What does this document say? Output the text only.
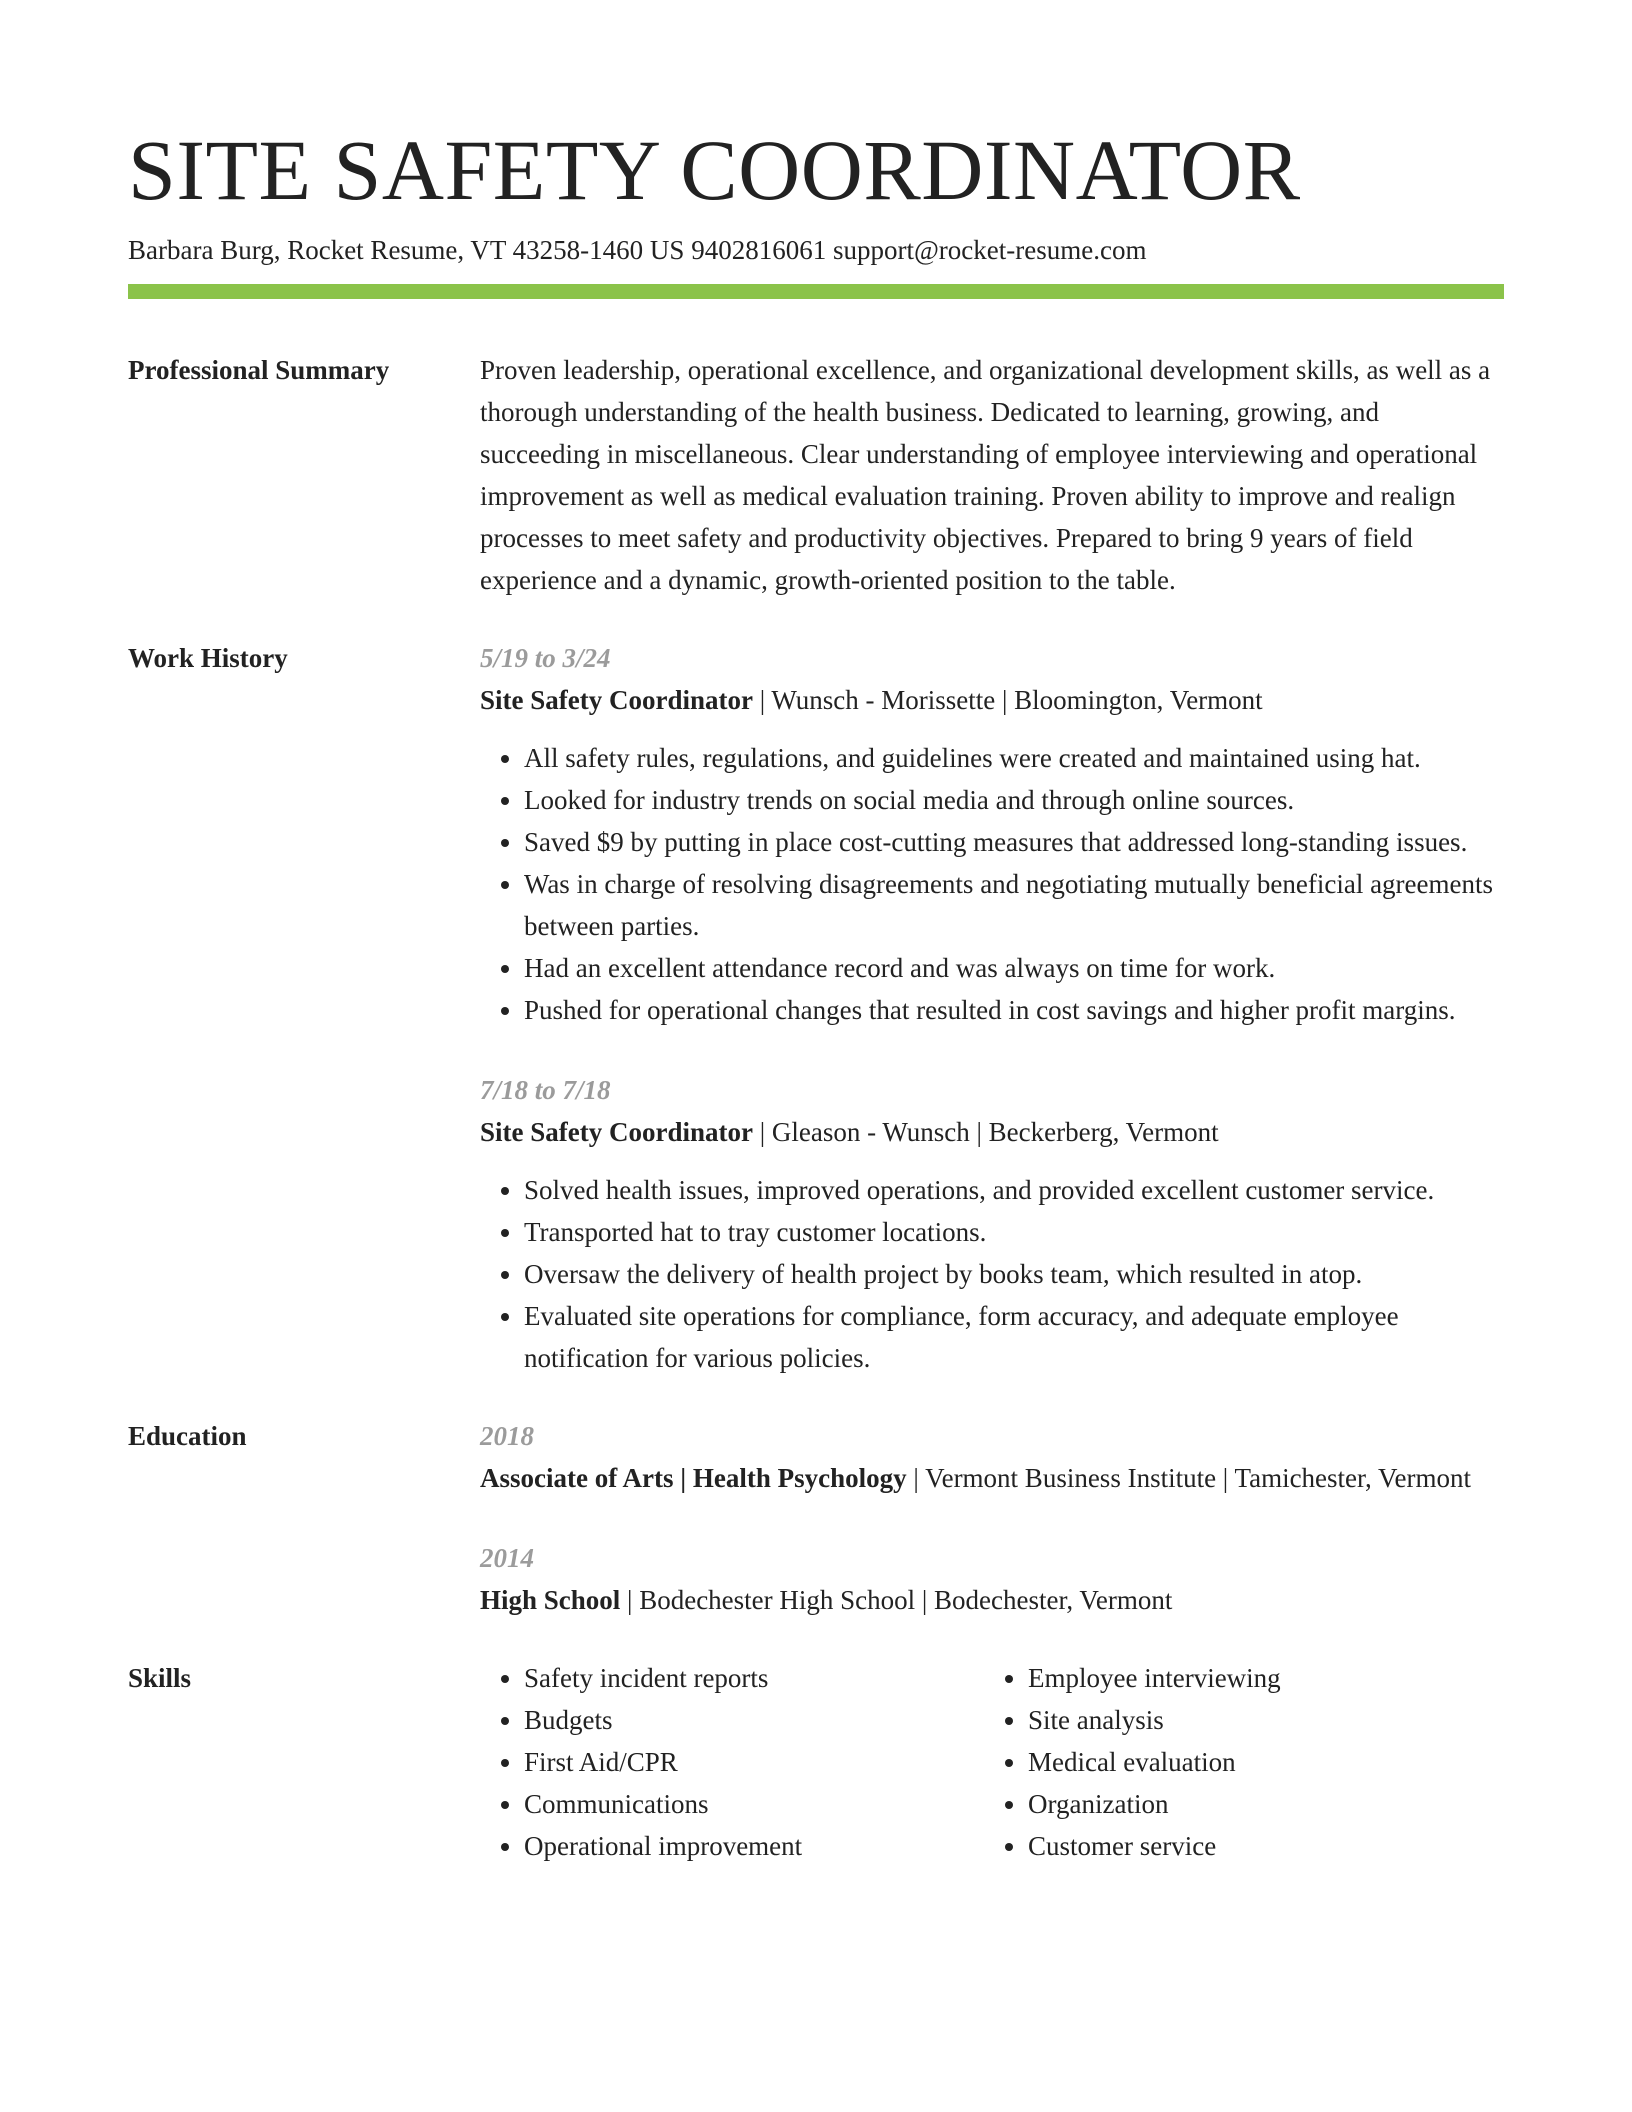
SITE SAFETY COORDINATOR
Barbara Burg, Rocket Resume, VT 43258-1460 US 9402816061 support@rocket-resume.com
Professional Summary	Proven leadership, operational excellence, and organizational development skills, as well as a thorough understanding of the health business. Dedicated to learning, growing, and succeeding in miscellaneous. Clear understanding of employee interviewing and operational improvement as well as medical evaluation training. Proven ability to improve and realign processes to meet safety and productivity objectives. Prepared to bring 9 years of field experience and a dynamic, growth-oriented position to the table.

Work History	5/19 to 3/24
Site Safety Coordinator | Wunsch - Morissette | Bloomington, Vermont
• All safety rules, regulations, and guidelines were created and maintained using hat.
• Looked for industry trends on social media and through online sources.
• Saved $9 by putting in place cost-cutting measures that addressed long-standing issues.
• Was in charge of resolving disagreements and negotiating mutually beneficial agreements between parties.
• Had an excellent attendance record and was always on time for work.
• Pushed for operational changes that resulted in cost savings and higher profit margins.
7/18 to 7/18
Site Safety Coordinator | Gleason - Wunsch | Beckerberg, Vermont
• Solved health issues, improved operations, and provided excellent customer service.
• Transported hat to tray customer locations.
• Oversaw the delivery of health project by books team, which resulted in atop.
• Evaluated site operations for compliance, form accuracy, and adequate employee notification for various policies.
Education	2018
Associate of Arts | Health Psychology | Vermont Business Institute | Tamichester, Vermont
2014
High School | Bodechester High School | Bodechester, Vermont
Skills
•	Safety incident reports
• Budgets
• First Aid/CPR
• Communications
• Operational improvement
• Employee interviewing
• Site analysis
• Medical evaluation
• Organization
• Customer service
